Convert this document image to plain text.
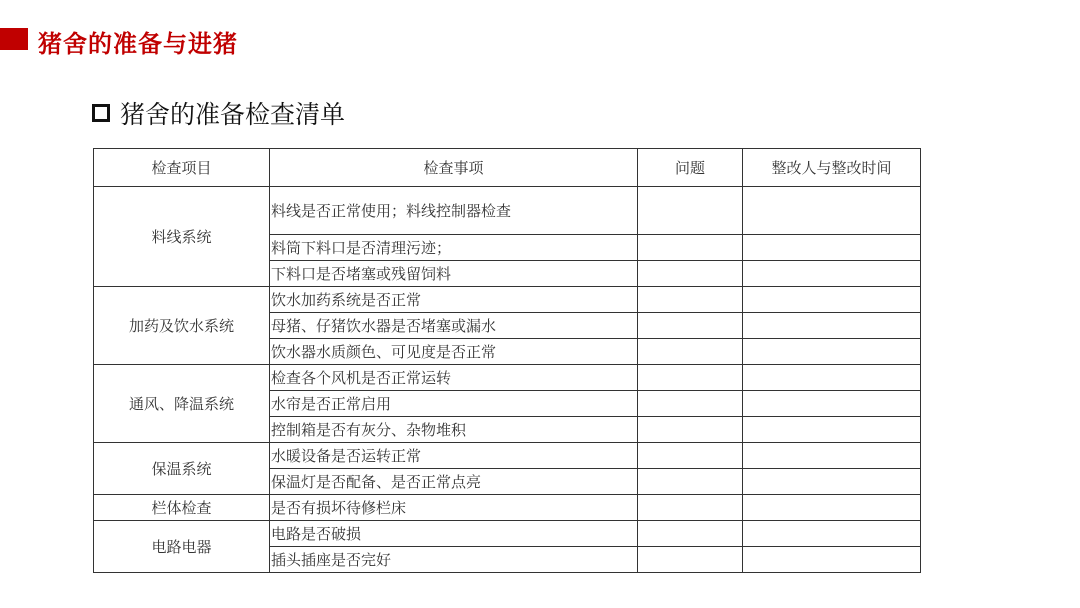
猪舍的准备与进猪
猪舍的准备检查清单
检查项目	检查事项	问题	整改人与整改时间
料线系统	料线是否正常使用；料线控制器检查		
	料筒下料口是否清理污迹；		
	下料口是否堵塞或残留饲料		
加药及饮水系统	饮水加药系统是否正常		
	母猪、仔猪饮水器是否堵塞或漏水		
	饮水器水质颜色、可见度是否正常		
通风、降温系统	检查各个风机是否正常运转		
	水帘是否正常启用		
	控制箱是否有灰分、杂物堆积		
保温系统	水暖设备是否运转正常		
	保温灯是否配备、是否正常点亮		
栏体检查	是否有损坏待修栏床		
电路电器	电路是否破损		
	插头插座是否完好		
